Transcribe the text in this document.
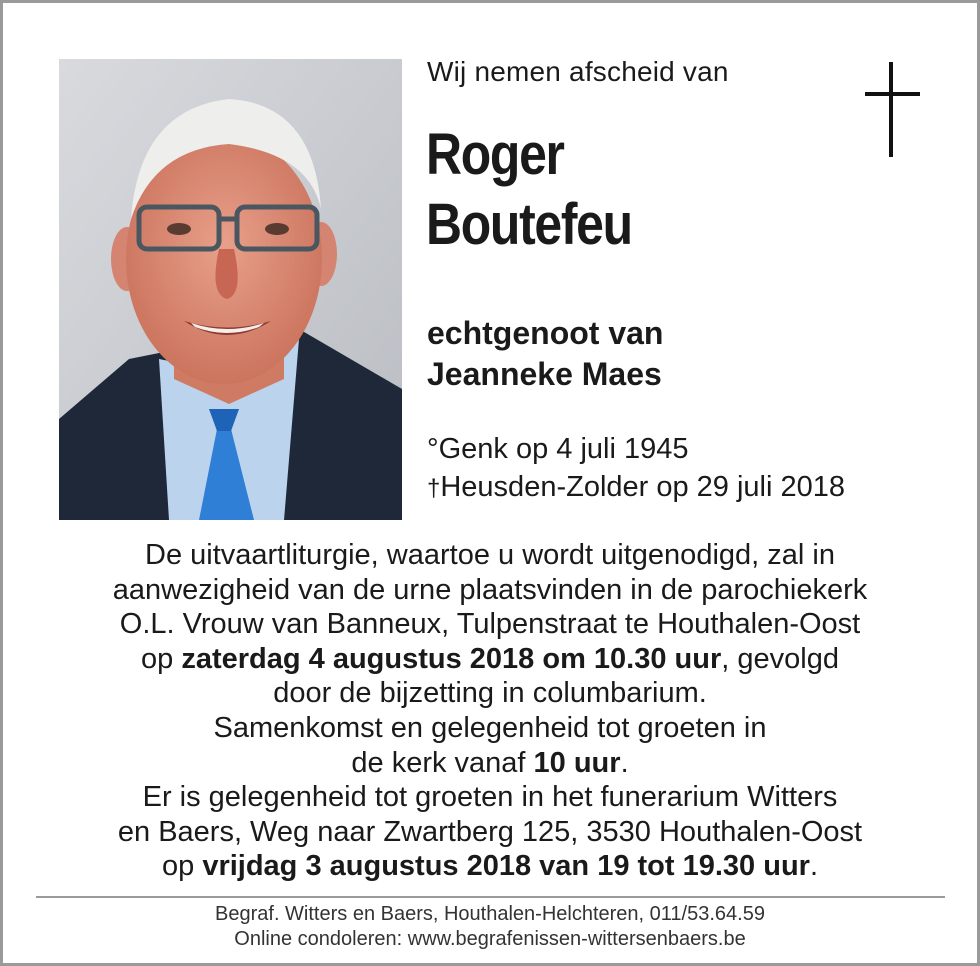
Wij nemen afscheid van
Roger
Boutefeu
echtgenoot van
Jeanneke Maes
°Genk op 4 juli 1945
†Heusden-Zolder op 29 juli 2018
De uitvaartliturgie, waartoe u wordt uitgenodigd, zal in
aanwezigheid van de urne plaatsvinden in de parochiekerk
O.L. Vrouw van Banneux, Tulpenstraat te Houthalen-Oost
op zaterdag 4 augustus 2018 om 10.30 uur, gevolgd
door de bijzetting in columbarium.
Samenkomst en gelegenheid tot groeten in
de kerk vanaf 10 uur.
Er is gelegenheid tot groeten in het funerarium Witters
en Baers, Weg naar Zwartberg 125, 3530 Houthalen-Oost
op vrijdag 3 augustus 2018 van 19 tot 19.30 uur.
Begraf. Witters en Baers, Houthalen-Helchteren, 011/53.64.59
Online condoleren: www.begrafenissen-wittersenbaers.be
